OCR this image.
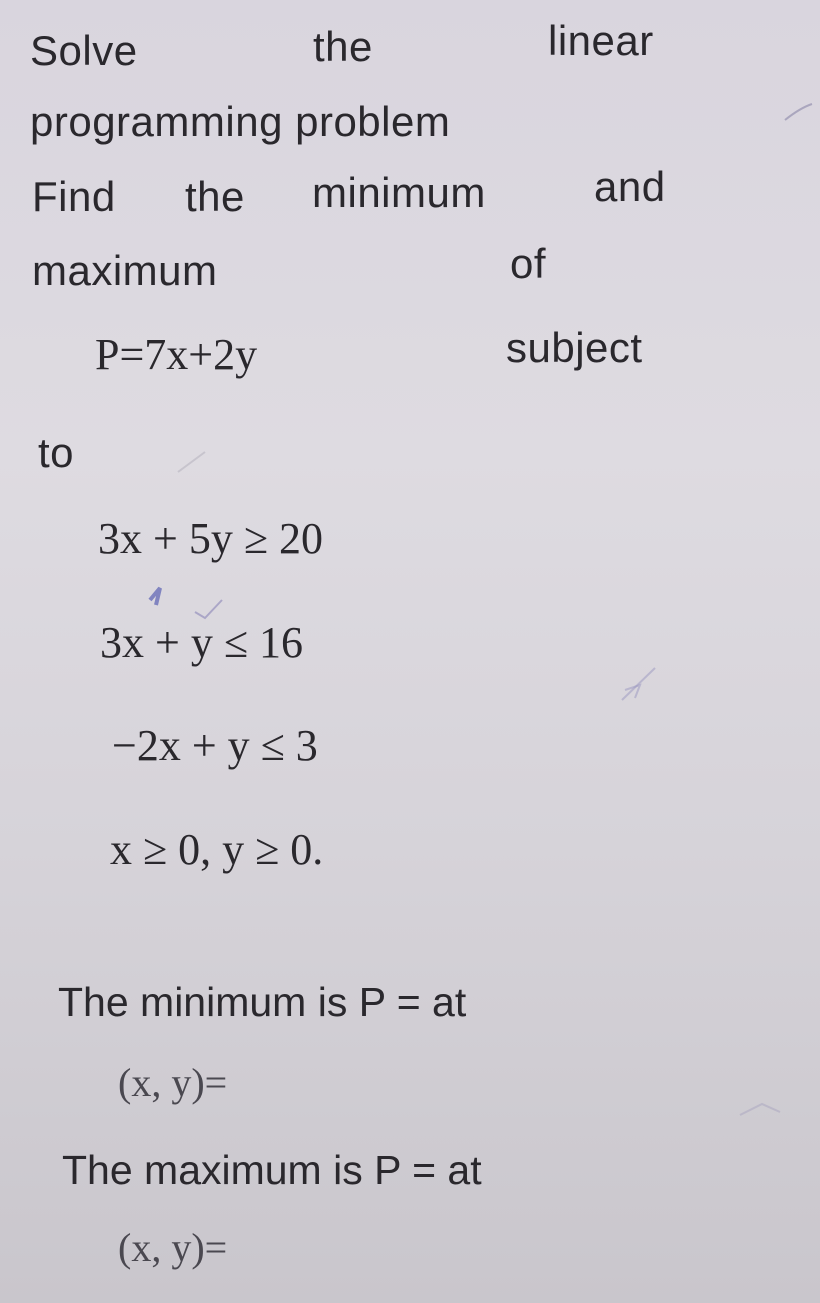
Solve	the	linear
programming problem
Find the minimum	and
maximum	of
P=7x+2y	subject
to
3x + 5y ≥ 20
3x + y ≤ 16
−2x + y ≤ 3
x ≥ 0, y ≥ 0.
The minimum is P = at
(x, y)=
The maximum is P = at
(x, y)=
